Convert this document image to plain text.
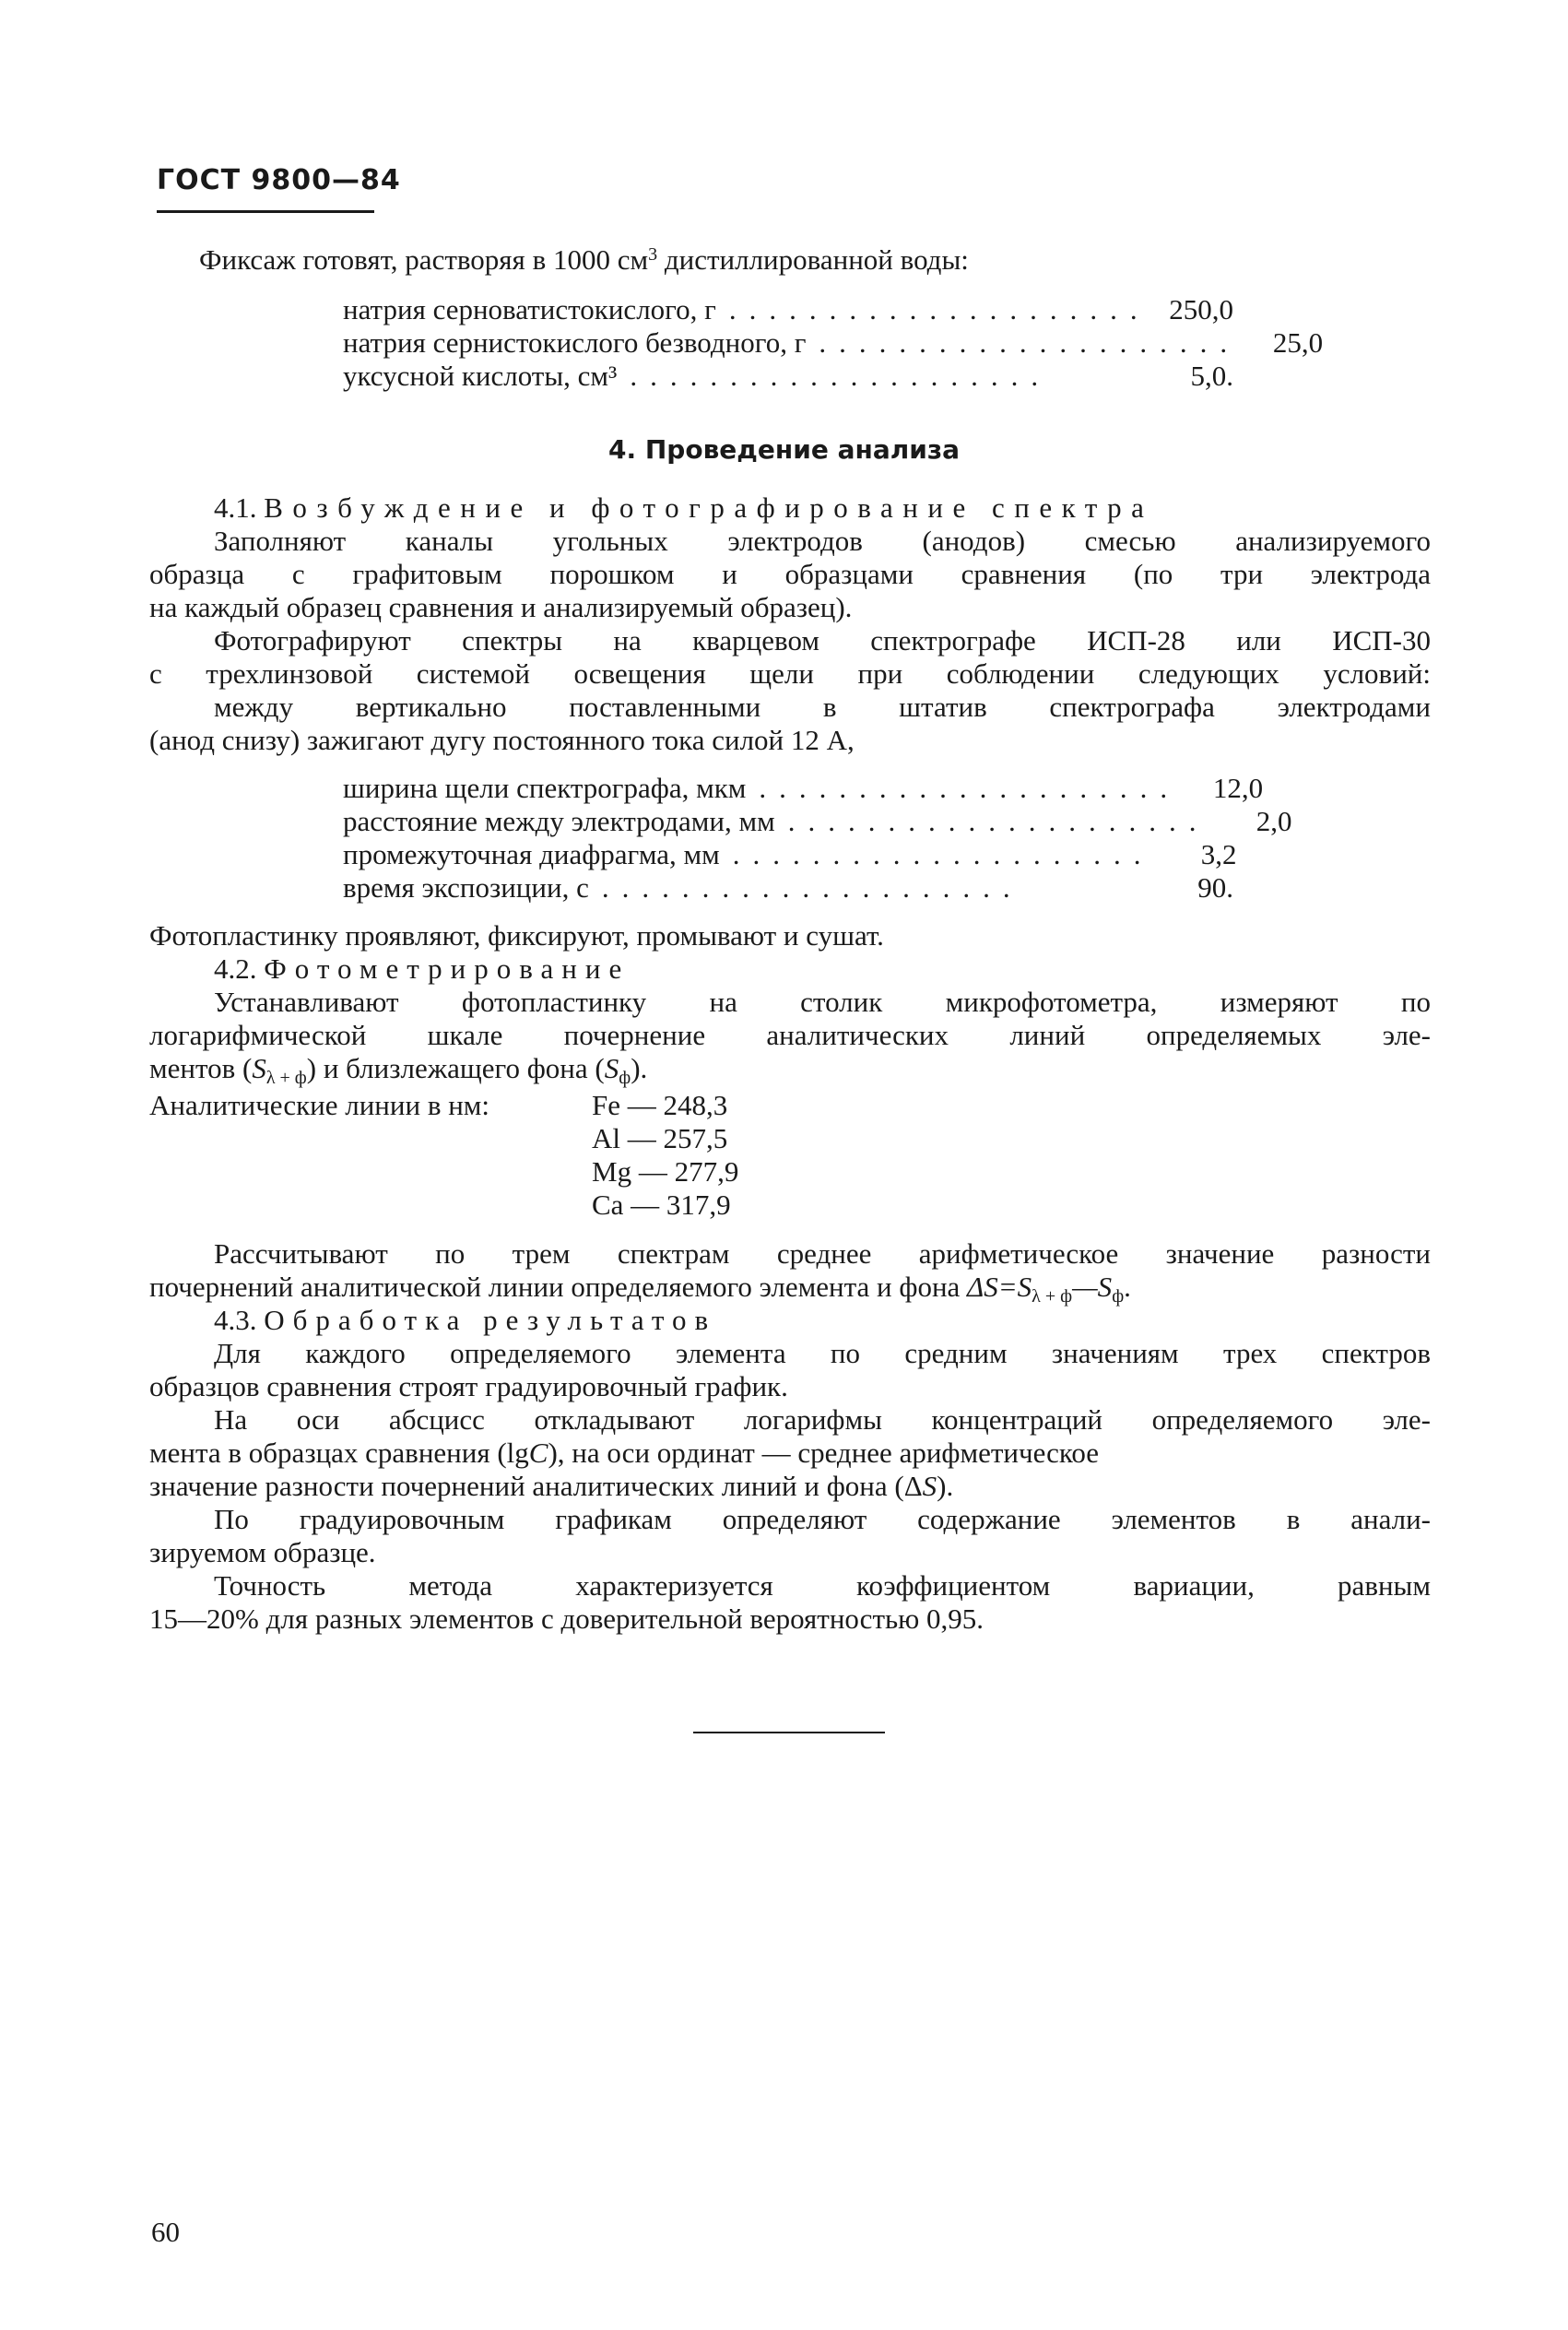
ГОСТ 9800—84
Фиксаж готовят, растворяя в 1000 $см^3$ дистиллированной воды:
натрия серноватистокислого, г ..................... 250,0
натрия сернистокислого безводного, г .....................	25,0
уксусной кислоты, см³ .....................	5,0.
4. Проведение анализа
4.1. Возбуждение и фотографирование спектра
Заполняют каналы угольных электродов (анодов) смесью анализируемого
образца с графитовым порошком и образцами сравнения (по три электрода
на каждый образец сравнения и анализируемый образец).
Фотографируют спектры на кварцевом спектрографе ИСП-28 или ИСП-30
с трехлинзовой системой освещения щели при соблюдении следующих условий:
между вертикально поставленными в штатив спектрографа электродами
(анод снизу) зажигают дугу постоянного тока силой 12 А,
ширина щели спектрографа, мкм .....................	12,0
расстояние между электродами, мм .....................	2,0
промежуточная диафрагма, мм .....................	3,2
время экспозиции, с .....................	90.
Фотопластинку проявляют, фиксируют, промывают и сушат.
4.2. Фотометрирование
Устанавливают фотопластинку на столик микрофотометра, измеряют по
логарифмической шкале почернение аналитических линий определяемых эле-
ментов $(S_{\lambda + ф})$ и близлежащего фона $(S_ф)$.
Аналитические линии в нм:	Fe — 248,3
Al — 257,5
Mg — 277,9
Ca — 317,9
Рассчитывают по трем спектрам среднее арифметическое значение разности
почернений аналитической линии определяемого элемента и фона $\Delta S=S_{\lambda + ф}—S_ф$.
4.3. Обработка результатов
Для каждого определяемого элемента по средним значениям трех спектров
образцов сравнения строят градуировочный график.
На оси абсцисс откладывают логарифмы концентраций определяемого эле-
мента в образцах сравнения (lgC), на оси ординат — среднее арифметическое
значение разности почернений аналитических линий и фона (ΔS).
По градуировочным графикам определяют содержание элементов в анали-
зируемом образце.
Точность метода характеризуется коэффициентом вариации, равным
15—20% для разных элементов с доверительной вероятностью 0,95.
60
